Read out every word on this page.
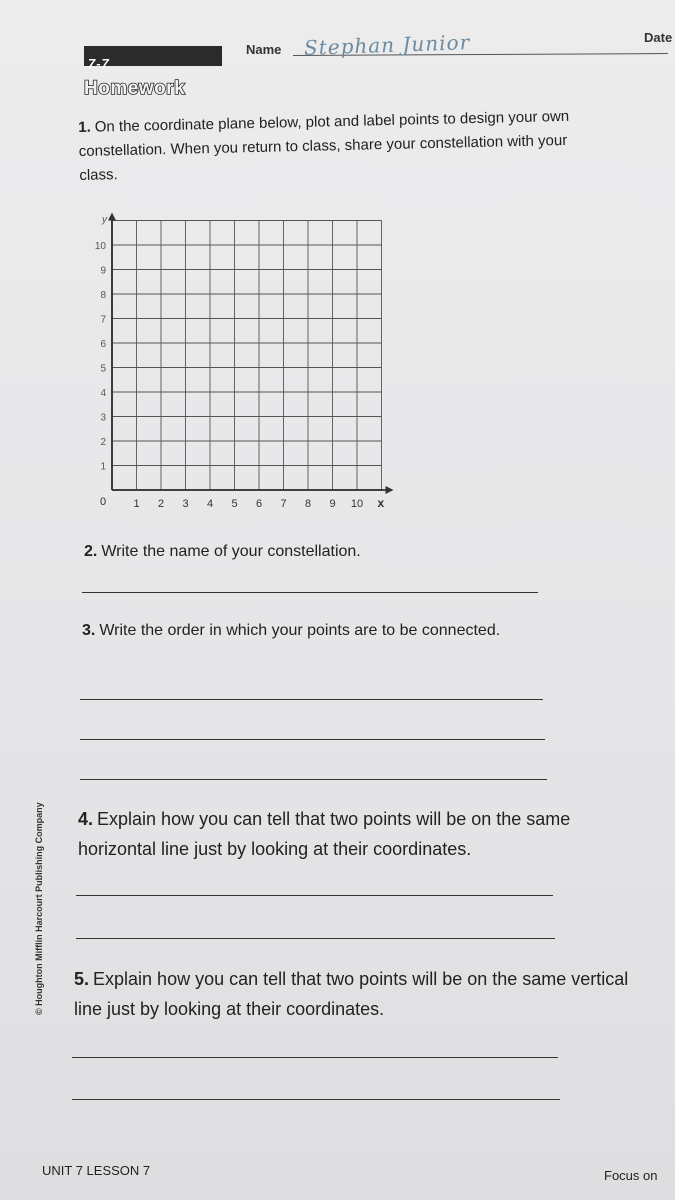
7-7
Homework
Name Stephan Junior	Date
1. On the coordinate plane below, plot and label points to design your own constellation. When you return to class, share your constellation with your class.
1 2 3 4 5 6 7 8 9 10
1
2
3
4
5
6
7
8
9
10
0	x
y
2. Write the name of your constellation.
3. Write the order in which your points are to be connected.
4. Explain how you can tell that two points will be on the same horizontal line just by looking at their coordinates.
5. Explain how you can tell that two points will be on the same vertical line just by looking at their coordinates.
© Houghton Mifflin Harcourt Publishing Company
UNIT 7 LESSON 7	Focus on
